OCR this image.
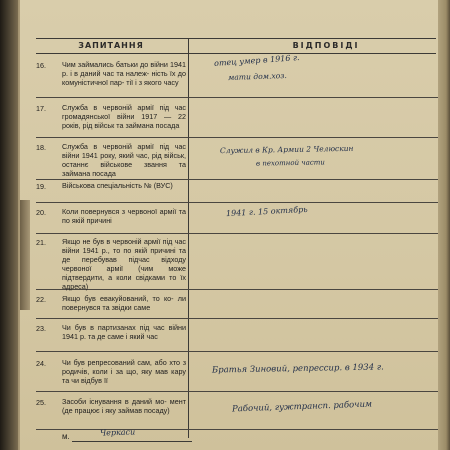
ЗАПИТАННЯ	ВІДПОВІДІ
16. Чим займались батьки до війни 1941 р. і в даний час та належ- ність їх до комуністичної пар- тії і з якого часу
отец умер в 1916 г.
мати дом.хоз.
17. Служба в червоній армії під час громадянської війни 1917 — 22 років, рід військ та займана посада
18. Служба в червоній армії під час війни 1941 року, який час, рід військ, останнє військове звання та займана посада
Служил в Кр. Армии 2 Челюскин
в пехотной части
19. Військова спеціальність № (ВУС)
20. Коли повернувся з червоної армії та по якій причині
1941 г. 15 октябрь
21. Якщо не був в червоній армії під час війни 1941 р., то по якій причині та де перебував підчас відходу червоної армії (чим може підтвердити, а коли свідками то їх адреса)
22. Якщо був евакуйований, то ко- ли повернувся та звідки саме
23. Чи був в партизанах під час війни 1941 р. та де саме і який час
24. Чи був репресований сам, або хто з родичів, коли і за що, яку мав кару та чи відбув її
Братья Зиновий, репрессир. в 1934 г.
25. Засоби існування в даний мо- мент (де працює і яку займав посаду)	Рабочий, гужтрансп. рабочим
м.	Черкаси
